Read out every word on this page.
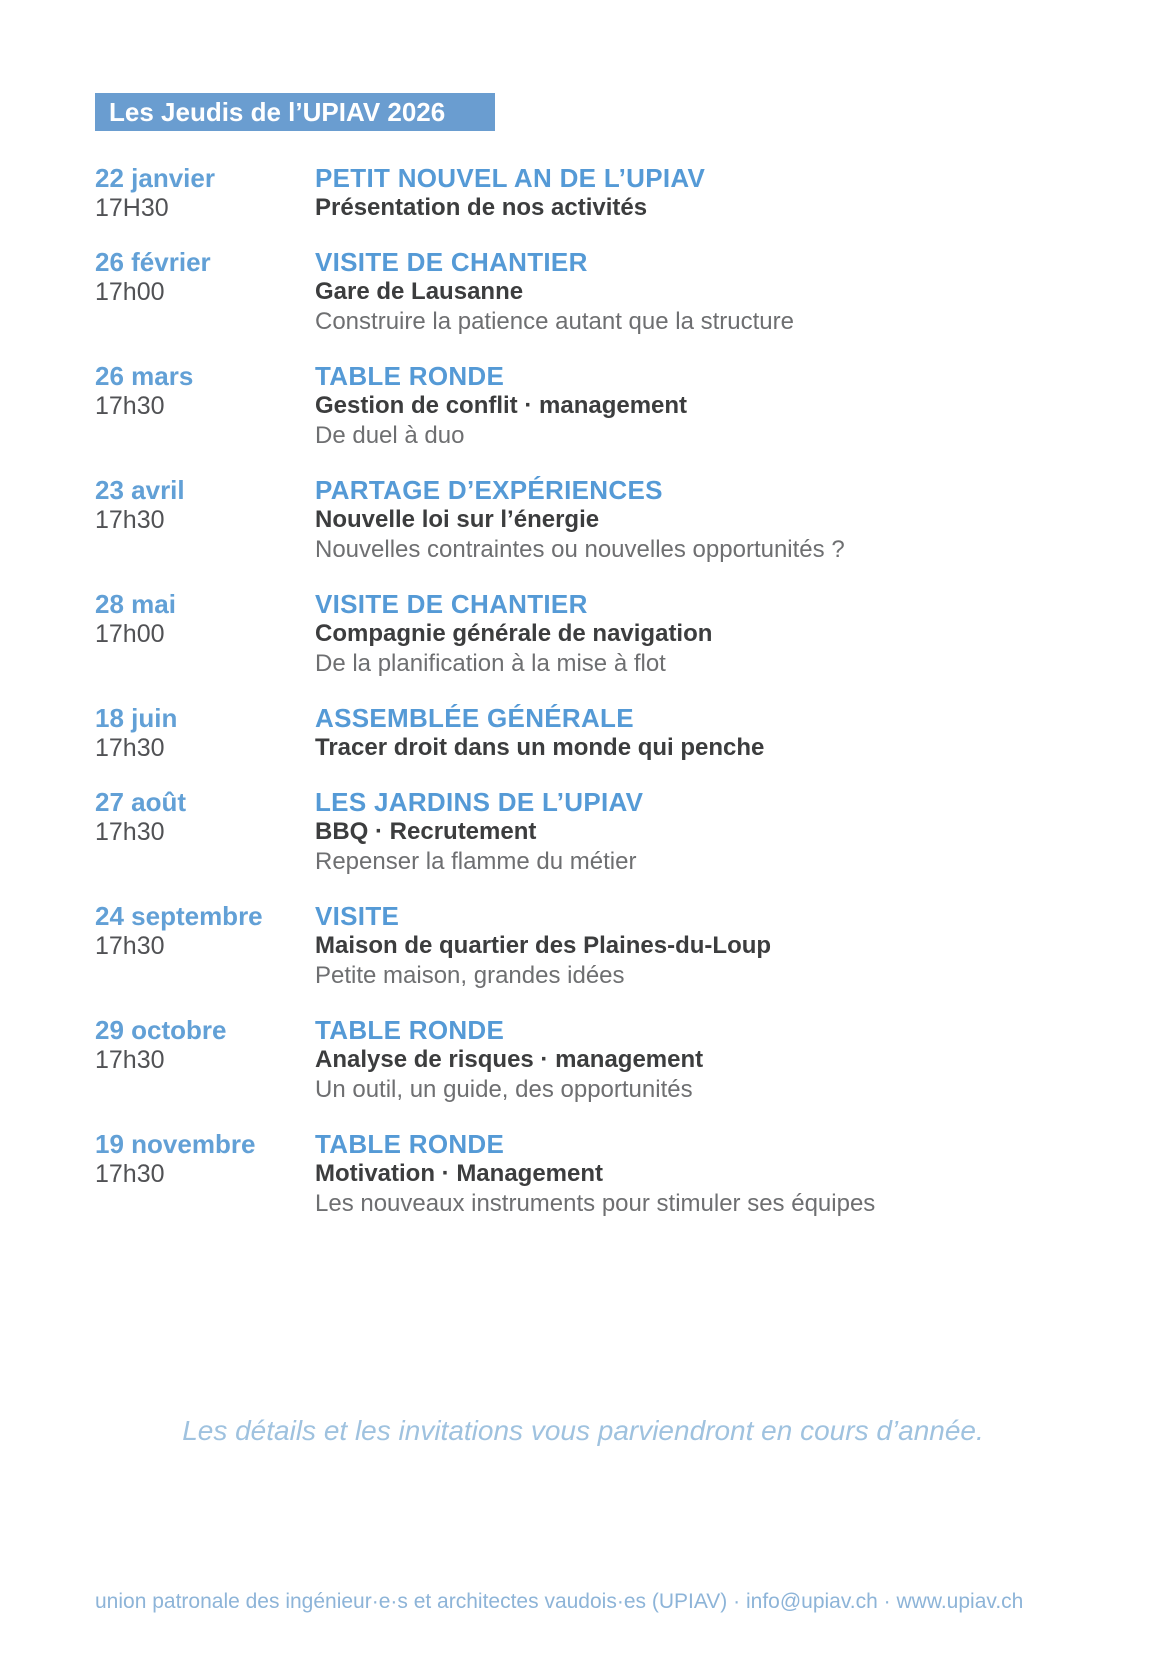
Les Jeudis de l’UPIAV 2026
22 janvier
17H30
PETIT NOUVEL AN DE L’UPIAV
Présentation de nos activités
26 février
17h00
VISITE DE CHANTIER
Gare de Lausanne
Construire la patience autant que la structure
26 mars
17h30
TABLE RONDE
Gestion de conflit · management
De duel à duo
23 avril
17h30
PARTAGE D’EXPÉRIENCES
Nouvelle loi sur l’énergie
Nouvelles contraintes ou nouvelles opportunités ?
28 mai
17h00
VISITE DE CHANTIER
Compagnie générale de navigation
De la planification à la mise à flot
18 juin
17h30
ASSEMBLÉE GÉNÉRALE
Tracer droit dans un monde qui penche
27 août
17h30
LES JARDINS DE L’UPIAV
BBQ · Recrutement
Repenser la flamme du métier
24 septembre
17h30
VISITE
Maison de quartier des Plaines-du-Loup
Petite maison, grandes idées
29 octobre
17h30
TABLE RONDE
Analyse de risques · management
Un outil, un guide, des opportunités
19 novembre
17h30
TABLE RONDE
Motivation · Management
Les nouveaux instruments pour stimuler ses équipes
Les détails et les invitations vous parviendront en cours d’année.
union patronale des ingénieur·e·s et architectes vaudois·es (UPIAV) · info@upiav.ch · www.upiav.ch
